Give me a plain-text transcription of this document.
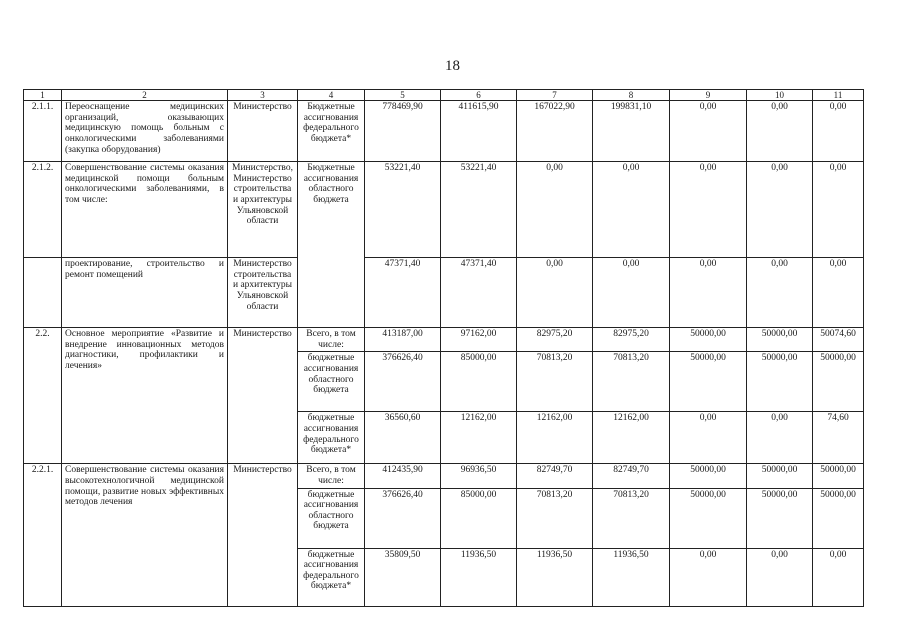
18
1	2	3	4	5	6	7	8	9	10	11
2.1.1.	Переоснащение медицинских организаций, оказывающих медицинскую помощь больным с онкологическими заболеваниями (закупка оборудования)	Министерство	Бюджетные ассигнования федерального бюджета*	778469,90	411615,90	167022,90	199831,10	0,00	0,00	0,00
2.1.2.	Совершенствование системы оказания медицинской помощи больным онкологическими заболеваниями, в том числе:	Министерство, Министерство строительства и архитектуры Ульяновской области	Бюджетные ассигнования областного бюджета	53221,40	53221,40	0,00	0,00	0,00	0,00	0,00
	проектирование, строительство и ремонт помещений	Министерство строительства и архитектуры Ульяновской области		47371,40	47371,40	0,00	0,00	0,00	0,00	0,00
2.2.	Основное мероприятие «Развитие и внедрение инновационных методов диагностики, профилактики и лечения»	Министерство	Всего, в том числе:	413187,00	97162,00	82975,20	82975,20	50000,00	50000,00	50074,60
			бюджетные ассигнования областного бюджета	376626,40	85000,00	70813,20	70813,20	50000,00	50000,00	50000,00
			бюджетные ассигнования федерального бюджета*	36560,60	12162,00	12162,00	12162,00	0,00	0,00	74,60
2.2.1.	Совершенствование системы оказания высокотехнологичной медицинской помощи, развитие новых эффективных методов лечения	Министерство	Всего, в том числе:	412435,90	96936,50	82749,70	82749,70	50000,00	50000,00	50000,00
			бюджетные ассигнования областного бюджета	376626,40	85000,00	70813,20	70813,20	50000,00	50000,00	50000,00
			бюджетные ассигнования федерального бюджета*	35809,50	11936,50	11936,50	11936,50	0,00	0,00	0,00
